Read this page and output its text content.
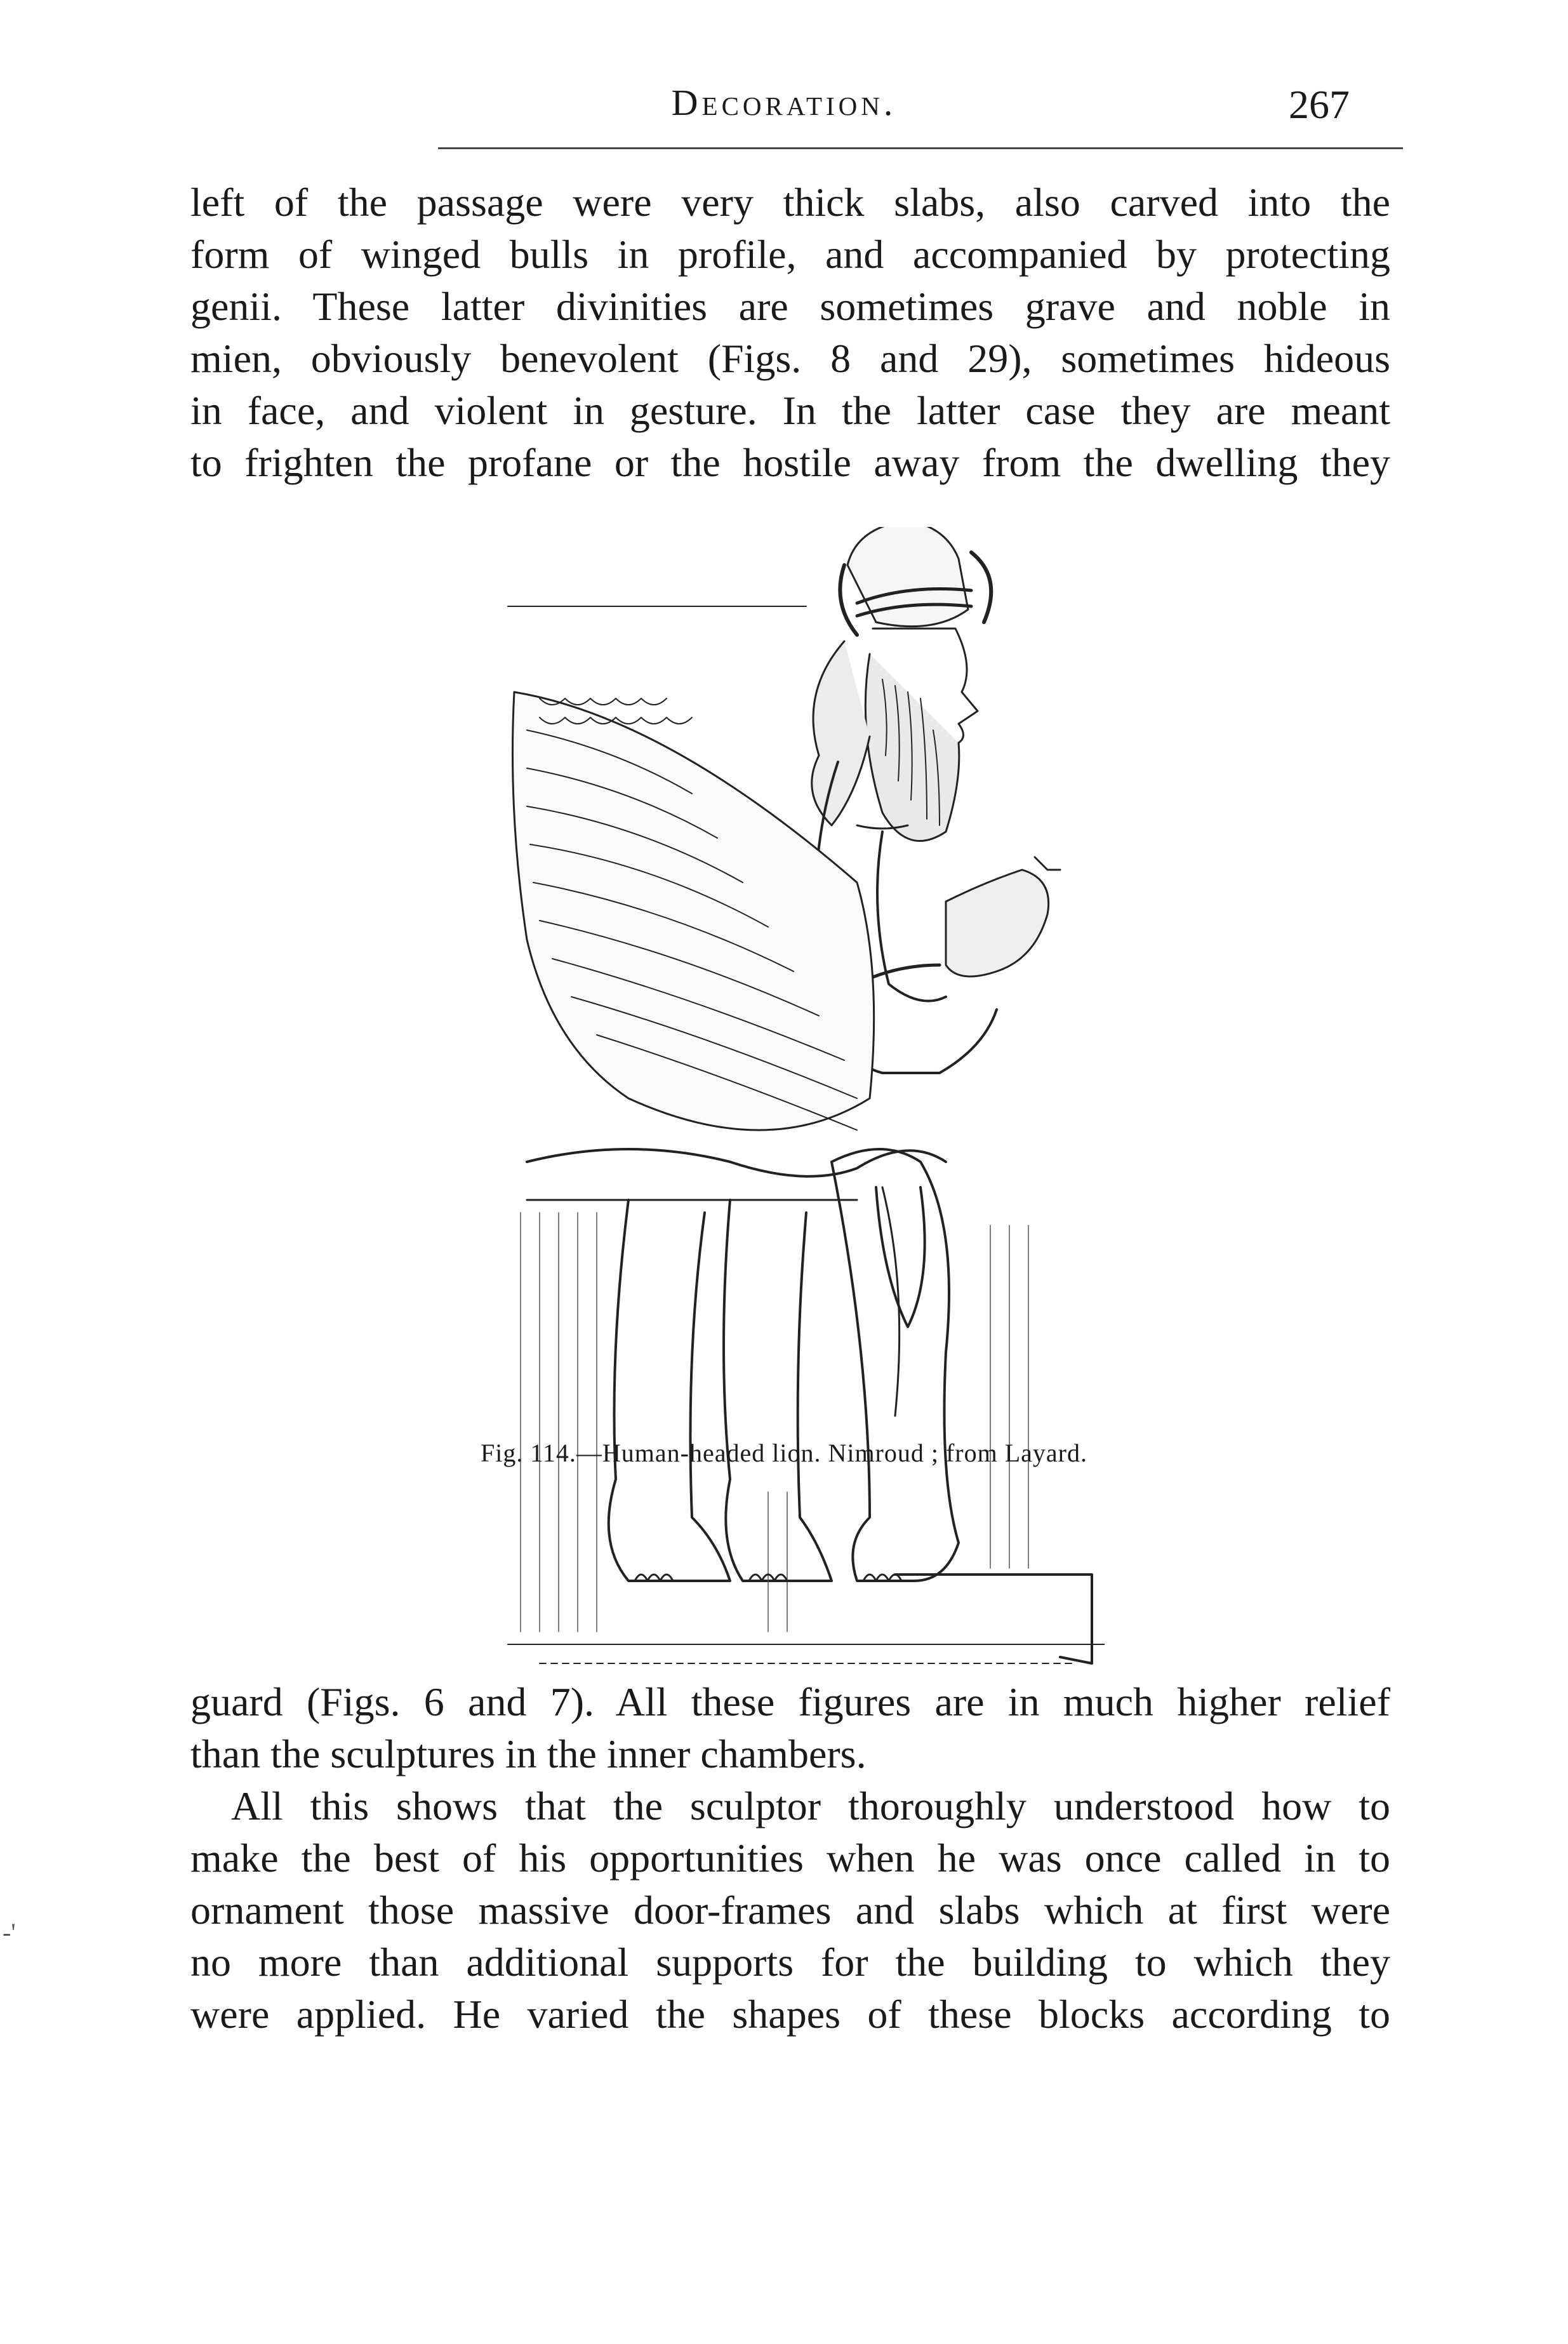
Decoration.	267
left of the passage were very thick slabs, also carved into the
form of winged bulls in profile, and accompanied by protecting
genii. These latter divinities are sometimes grave and noble in
mien, obviously benevolent (Figs. 8 and 29), sometimes hideous
in face, and violent in gesture. In the latter case they are meant
to frighten the profane or the hostile away from the dwelling they
Fig. 114.—Human-headed lion. Nimroud ; from Layard.
guard (Figs. 6 and 7). All these figures are in much higher relief
than the sculptures in the inner chambers.
All this shows that the sculptor thoroughly understood how to
make the best of his opportunities when he was once called in to
ornament those massive door-frames and slabs which at first were
no more than additional supports for the building to which they
were applied. He varied the shapes of these blocks according to
-'
